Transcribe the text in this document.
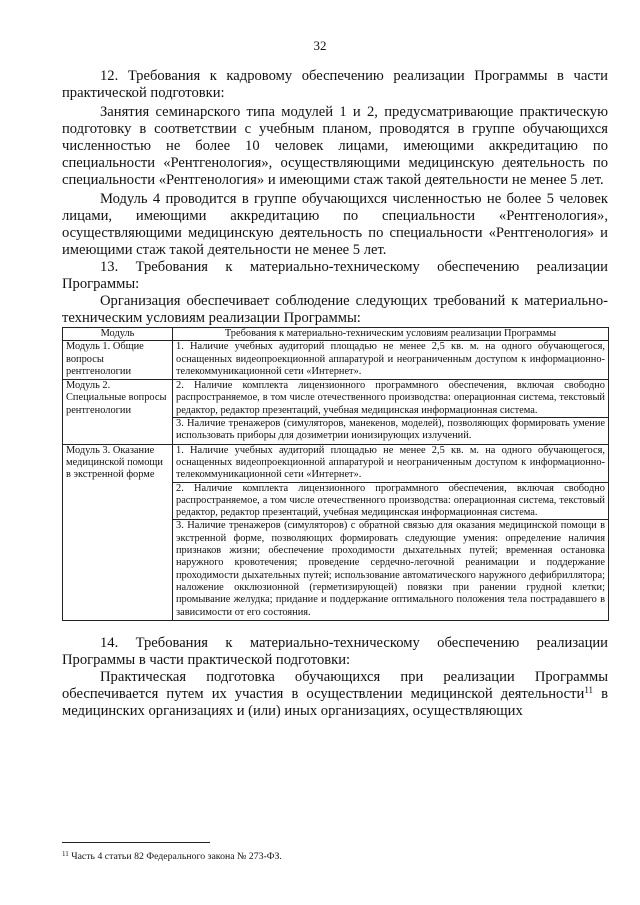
32

12. Требования к кадровому обеспечению реализации Программы в части практической подготовки:

Занятия семинарского типа модулей 1 и 2, предусматривающие практическую подготовку в соответствии с учебным планом, проводятся в группе обучающихся численностью не более 10 человек лицами, имеющими аккредитацию по специальности «Рентгенология», осуществляющими медицинскую деятельность по специальности «Рентгенология» и имеющими стаж такой деятельности не менее 5 лет.

Модуль 4 проводится в группе обучающихся численностью не более 5 человек лицами, имеющими аккредитацию по специальности «Рентгенология», осуществляющими медицинскую деятельность по специальности «Рентгенология» и имеющими стаж такой деятельности не менее 5 лет.

13. Требования к материально-техническому обеспечению реализации Программы:

Организация обеспечивает соблюдение следующих требований к материально-техническим условиям реализации Программы:

Модуль	Требования к материально-техническим условиям реализации Программы
Модуль 1. Общие вопросы рентгенологии	1. Наличие учебных аудиторий площадью не менее 2,5 кв. м. на одного обучающегося, оснащенных видеопроекционной аппаратурой и неограниченным доступом к информационно-телекоммуникационной сети «Интернет».

Модуль 2. Специальные вопросы рентгенологии	2. Наличие комплекта лицензионного программного обеспечения, включая свободно распространяемое, в том числе отечественного производства: операционная система, текстовый редактор, редактор презентаций, учебная медицинская информационная система.
3. Наличие тренажеров (симуляторов, манекенов, моделей), позволяющих формировать умение использовать приборы для дозиметрии ионизирующих излучений.

Модуль 3. Оказание медицинской помощи в экстренной форме	1. Наличие учебных аудиторий площадью не менее 2,5 кв. м. на одного обучающегося, оснащенных видеопроекционной аппаратурой и неограниченным доступом к информационно-телекоммуникационной сети «Интернет».
2. Наличие комплекта лицензионного программного обеспечения, включая свободно распространяемое, а том числе отечественного производства: операционная система, текстовый редактор, редактор презентаций, учебная медицинская информационная система.
3. Наличие тренажеров (симуляторов) с обратной связью для оказания медицинской помощи в экстренной форме, позволяющих формировать следующие умения: определение наличия признаков жизни; обеспечение проходимости дыхательных путей; временная остановка наружного кровотечения; проведение сердечно-легочной реанимации и поддержание проходимости дыхательных путей; использование автоматического наружного дефибриллятора; наложение окклюзионной (герметизирующей) повязки при ранении грудной клетки; промывание желудка; придание и поддержание оптимального положения тела пострадавшего в зависимости от его состояния.

14. Требования к материально-техническому обеспечению реализации Программы в части практической подготовки:

Практическая подготовка обучающихся при реализации Программы обеспечивается путем их участия в осуществлении медицинской деятельности$^{11}$ в медицинских организациях и (или) иных организациях, осуществляющих

$^{11}$ Часть 4 статьи 82 Федерального закона № 273-ФЗ.
